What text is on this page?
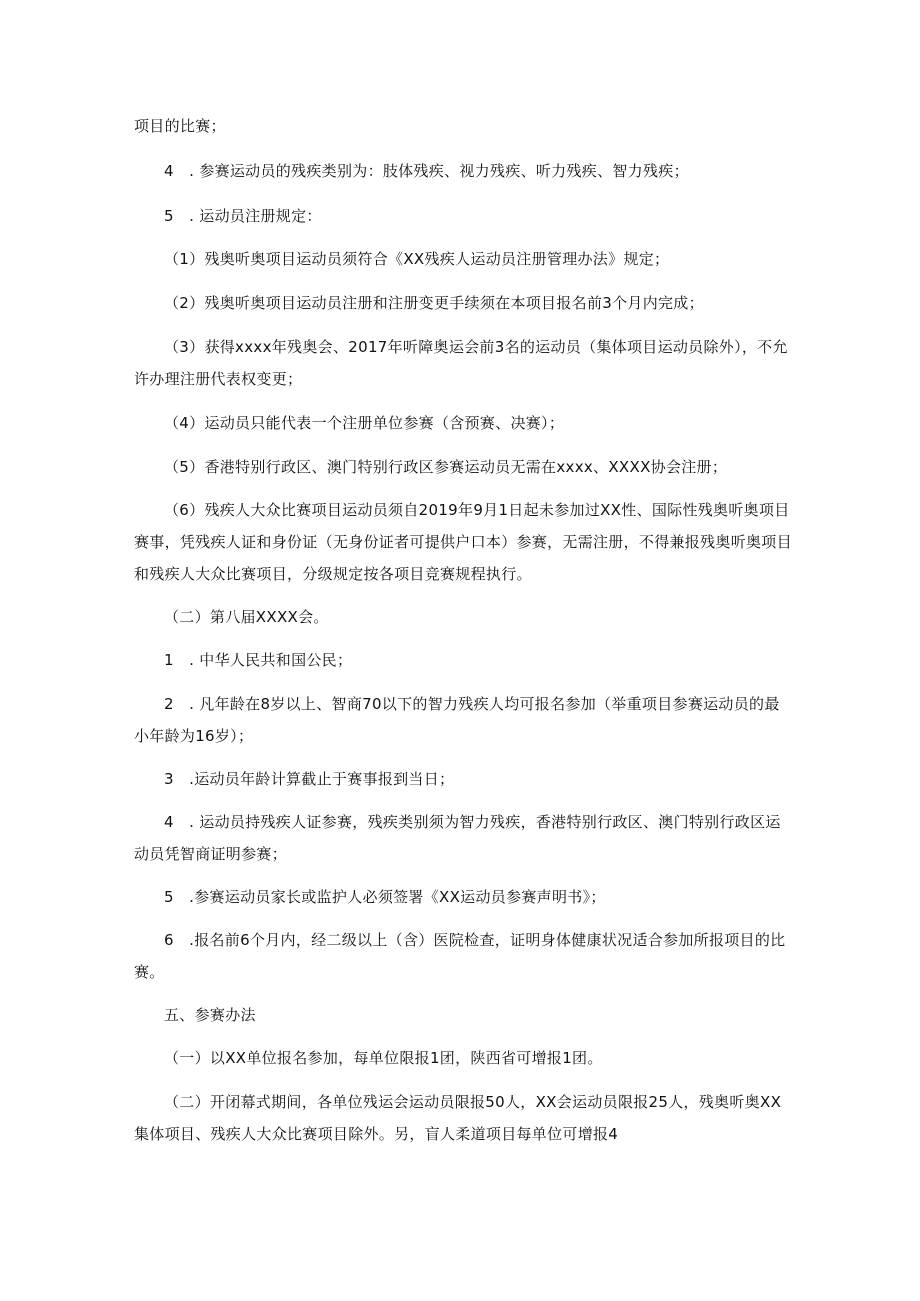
项目的比赛；

4　. 参赛运动员的残疾类别为：肢体残疾、视力残疾、听力残疾、智力残疾；

5　. 运动员注册规定：

（1）残奥听奥项目运动员须符合《XX残疾人运动员注册管理办法》规定；

（2）残奥听奥项目运动员注册和注册变更手续须在本项目报名前3个月内完成；

（3）获得xxxx年残奥会、2017年听障奥运会前3名的运动员（集体项目运动员除外），不允许办理注册代表权变更；

（4）运动员只能代表一个注册单位参赛（含预赛、决赛）；

（5）香港特别行政区、澳门特别行政区参赛运动员无需在xxxx、XXXX协会注册；

（6）残疾人大众比赛项目运动员须自2019年9月1日起未参加过XX性、国际性残奥听奥项目赛事，凭残疾人证和身份证（无身份证者可提供户口本）参赛，无需注册，不得兼报残奥听奥项目和残疾人大众比赛项目，分级规定按各项目竞赛规程执行。

（二）第八届XXXX会。

1　. 中华人民共和国公民；

2　. 凡年龄在8岁以上、智商70以下的智力残疾人均可报名参加（举重项目参赛运动员的最小年龄为16岁）；

3　.运动员年龄计算截止于赛事报到当日；

4　. 运动员持残疾人证参赛，残疾类别须为智力残疾，香港特别行政区、澳门特别行政区运动员凭智商证明参赛；

5　.参赛运动员家长或监护人必须签署《XX运动员参赛声明书》；

6　.报名前6个月内，经二级以上（含）医院检查，证明身体健康状况适合参加所报项目的比赛。

五、参赛办法

（一）以XX单位报名参加，每单位限报1团，陕西省可增报1团。

（二）开闭幕式期间，各单位残运会运动员限报50人，XX会运动员限报25人，残奥听奥XX集体项目、残疾人大众比赛项目除外。另，盲人柔道项目每单位可增报4
